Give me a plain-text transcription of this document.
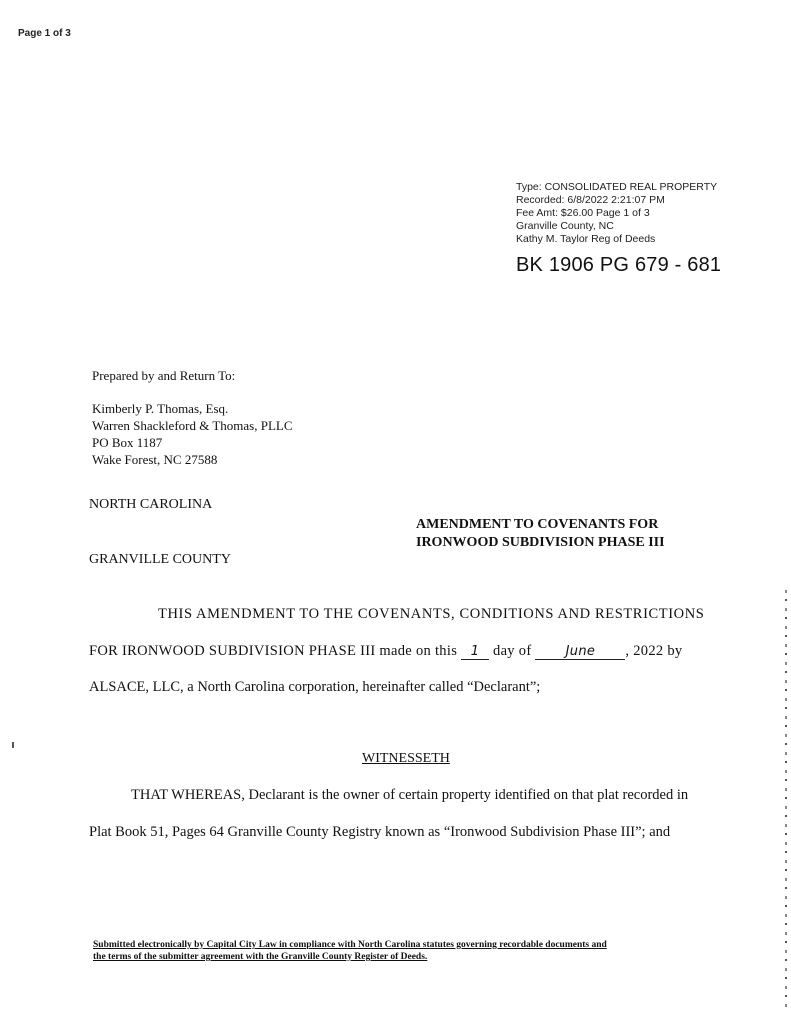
Page 1 of 3
Type: CONSOLIDATED REAL PROPERTY
Recorded: 6/8/2022 2:21:07 PM
Fee Amt: $26.00 Page 1 of 3
Granville County, NC
Kathy M. Taylor Reg of Deeds
BK 1906 PG 679 - 681
Prepared by and Return To:
Kimberly P. Thomas, Esq.
Warren Shackleford & Thomas, PLLC
PO Box 1187
Wake Forest, NC 27588
NORTH CAROLINA
GRANVILLE COUNTY
AMENDMENT TO COVENANTS FOR
IRONWOOD SUBDIVISION PHASE III
THIS AMENDMENT TO THE COVENANTS, CONDITIONS AND RESTRICTIONS
FOR IRONWOOD SUBDIVISION PHASE III made on this 1 day of	June , 2022 by
ALSACE, LLC, a North Carolina corporation, hereinafter called “Declarant”;
WITNESSETH
THAT WHEREAS, Declarant is the owner of certain property identified on that plat recorded in
Plat Book 51, Pages 64 Granville County Registry known as “Ironwood Subdivision Phase III”; and
Submitted electronically by Capital City Law in compliance with North Carolina statutes governing recordable documents and
the terms of the submitter agreement with the Granville County Register of Deeds.
